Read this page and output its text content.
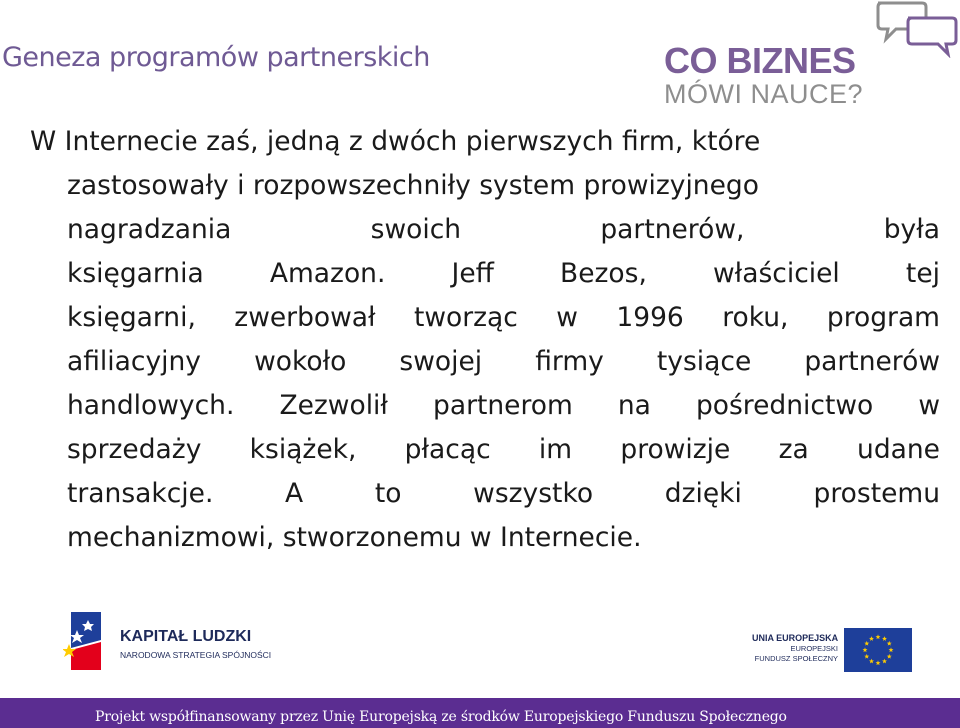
Geneza programów partnerskich	CO BIZNES
MÓWI NAUCE?
W Internecie zaś, jedną z dwóch pierwszych firm, które
zastosowały i rozpowszechniły system prowizyjnego
nagradzania swoich partnerów, była
księgarnia Amazon. Jeff Bezos, właściciel tej
księgarni, zwerbował tworząc w 1996 roku, program
afiliacyjny wokoło swojej firmy tysiące partnerów
handlowych. Zezwolił partnerom na pośrednictwo w
sprzedaży książek, płacąc im prowizje za udane
transakcje. A to wszystko dzięki prostemu
mechanizmowi, stworzonemu w Internecie.
KAPITAŁ LUDZKI
NARODOWA STRATEGIA SPÓJNOŚCI
UNIA EUROPEJSKA
EUROPEJSKI
FUNDUSZ SPOŁECZNY
Projekt współfinansowany przez Unię Europejską ze środków Europejskiego Funduszu Społecznego
